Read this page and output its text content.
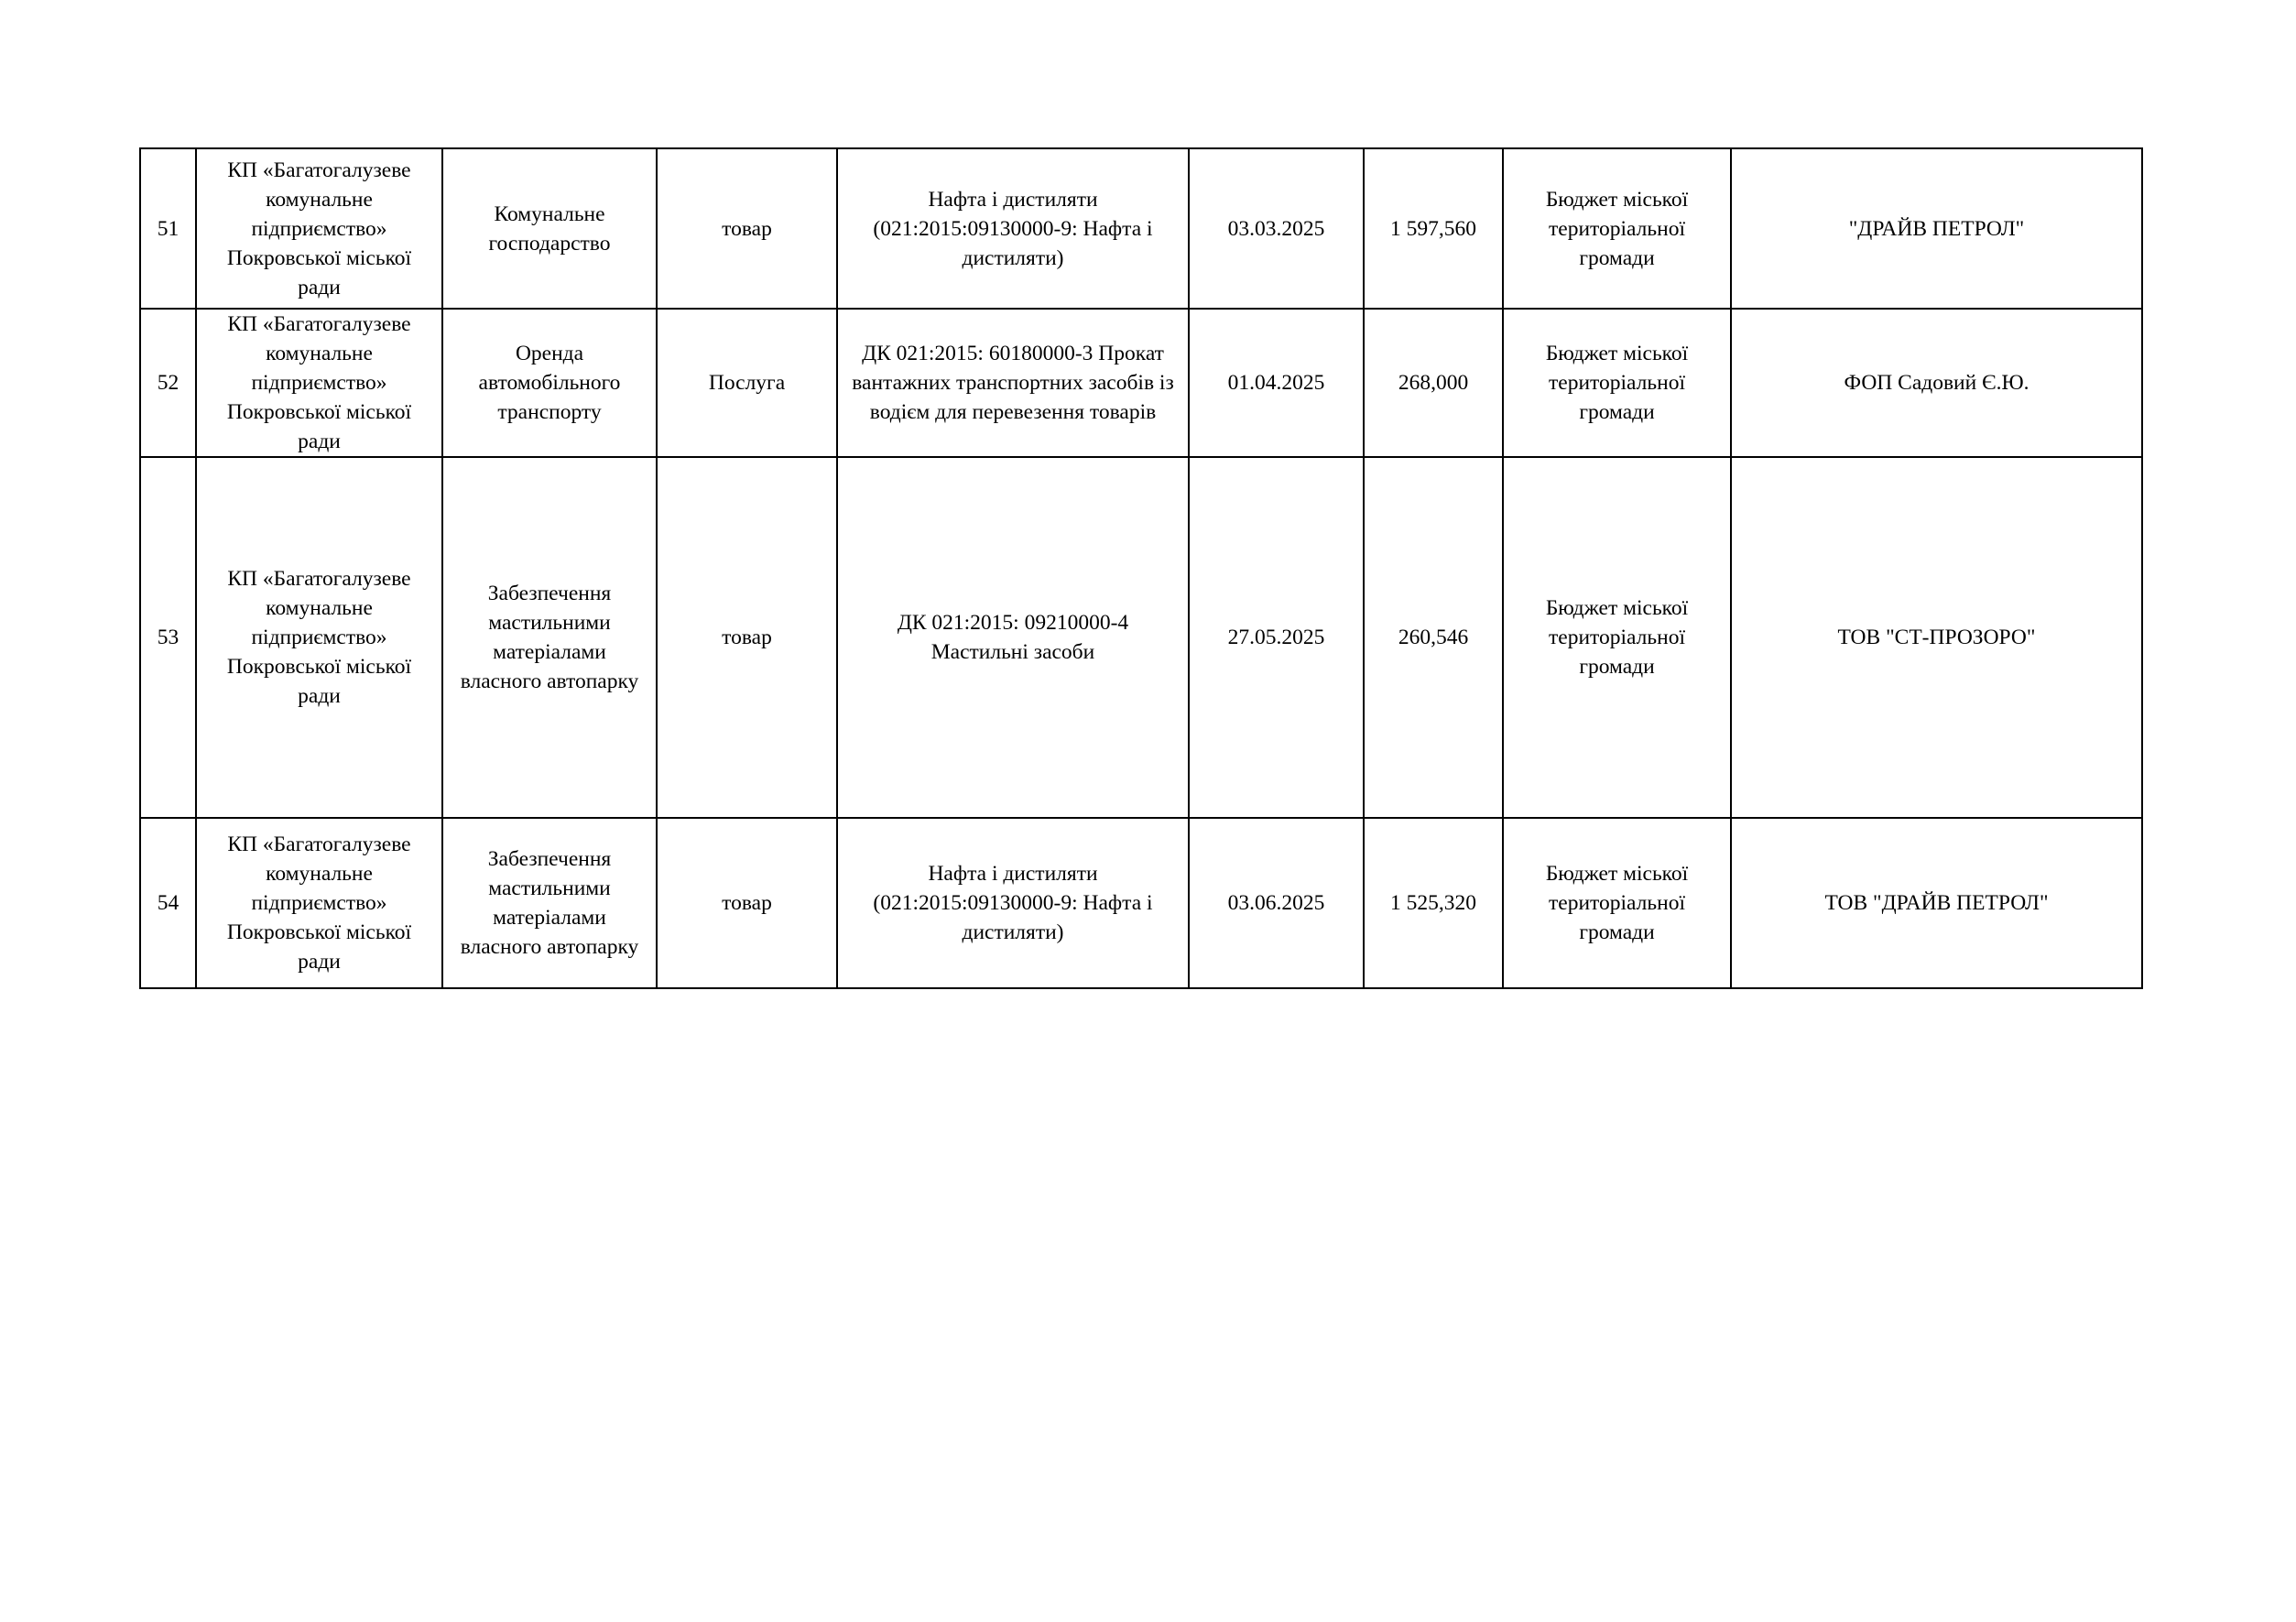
51	КП «Багатогалузеве
комунальне
підприємство»
Покровської міської
ради	Комунальне
господарство	товар	Нафта і дистиляти
(021:2015:09130000-9: Нафта і
дистиляти)	03.03.2025	1 597,560	Бюджет міської
територіальної
громади	"ДРАЙВ ПЕТРОЛ"
52	КП «Багатогалузеве
комунальне
підприємство»
Покровської міської
ради	Оренда
автомобільного
транспорту	Послуга	ДК 021:2015: 60180000-3 Прокат
вантажних транспортних засобів із
водієм для перевезення товарів	01.04.2025	268,000	Бюджет міської
територіальної
громади	ФОП Садовий Є.Ю.
53	КП «Багатогалузеве
комунальне
підприємство»
Покровської міської
ради	Забезпечення
мастильними
матеріалами
власного автопарку	товар	ДК 021:2015: 09210000-4
Мастильні засоби	27.05.2025	260,546	Бюджет міської
територіальної
громади	ТОВ "СТ-ПРОЗОРО"
54	КП «Багатогалузеве
комунальне
підприємство»
Покровської міської
ради	Забезпечення
мастильними
матеріалами
власного автопарку	товар	Нафта і дистиляти
(021:2015:09130000-9: Нафта і
дистиляти)	03.06.2025	1 525,320	Бюджет міської
територіальної
громади	ТОВ "ДРАЙВ ПЕТРОЛ"
